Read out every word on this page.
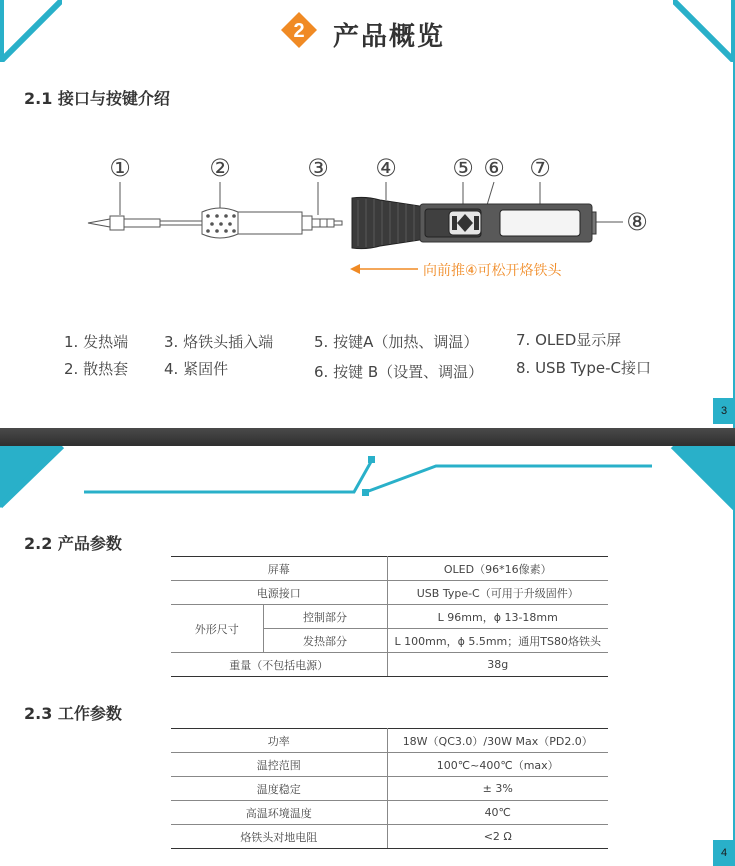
2 产品概览
2.1 接口与按键介绍
①	②	③ ④ ⑤ ⑥ ⑦
⑧
向前推④可松开烙铁头
1. 发热端
2. 散热套
3. 烙铁头插入端
4. 紧固件
5. 按键A（加热、调温）
6. 按键 B（设置、调温）
7. OLED显示屏
8. USB Type-C接口
3
2.2 产品参数
屏幕		OLED（96*16像素）
电源接口		USB Type-C（可用于升级固件）
外形尺寸	控制部分	L 96mm，ϕ 13-18mm
	发热部分	L 100mm，ϕ 5.5mm；通用TS80烙铁头
重量（不包括电源）		38g
2.3 工作参数
功率	18W（QC3.0）/30W Max（PD2.0）
温控范围	100℃~400℃（max）
温度稳定	± 3%
高温环境温度	40℃
烙铁头对地电阻	<2 Ω
4
